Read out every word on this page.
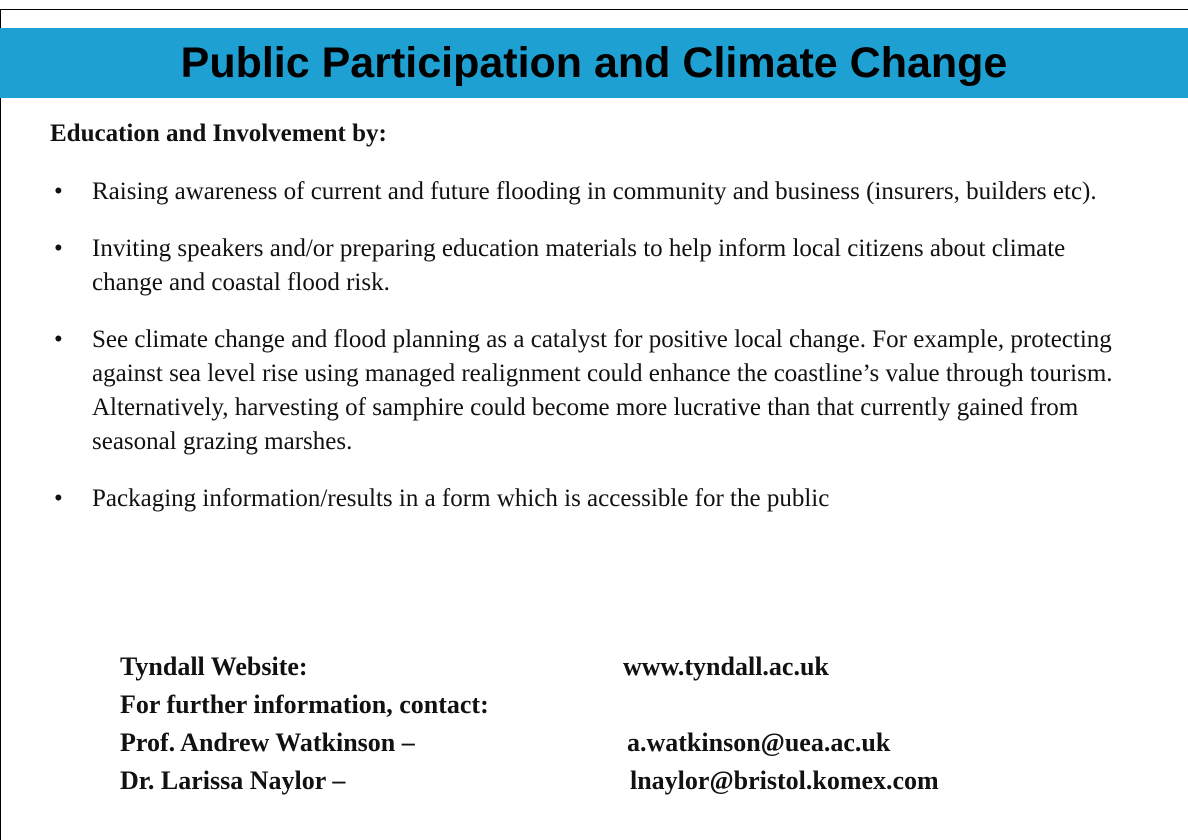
Public Participation and Climate Change
Education and Involvement by:
• Raising awareness of current and future flooding in community and business (insurers, builders etc).
• Inviting speakers and/or preparing education materials to help inform local citizens about climate change and coastal flood risk.
• See climate change and flood planning as a catalyst for positive local change. For example, protecting against sea level rise using managed realignment could enhance the coastline’s value through tourism. Alternatively, harvesting of samphire could become more lucrative than that currently gained from seasonal grazing marshes.
• Packaging information/results in a form which is accessible for the public
Tyndall Website:	www.tyndall.ac.uk
For further information, contact:
Prof. Andrew Watkinson –	a.watkinson@uea.ac.uk
Dr. Larissa Naylor –	lnaylor@bristol.komex.com
